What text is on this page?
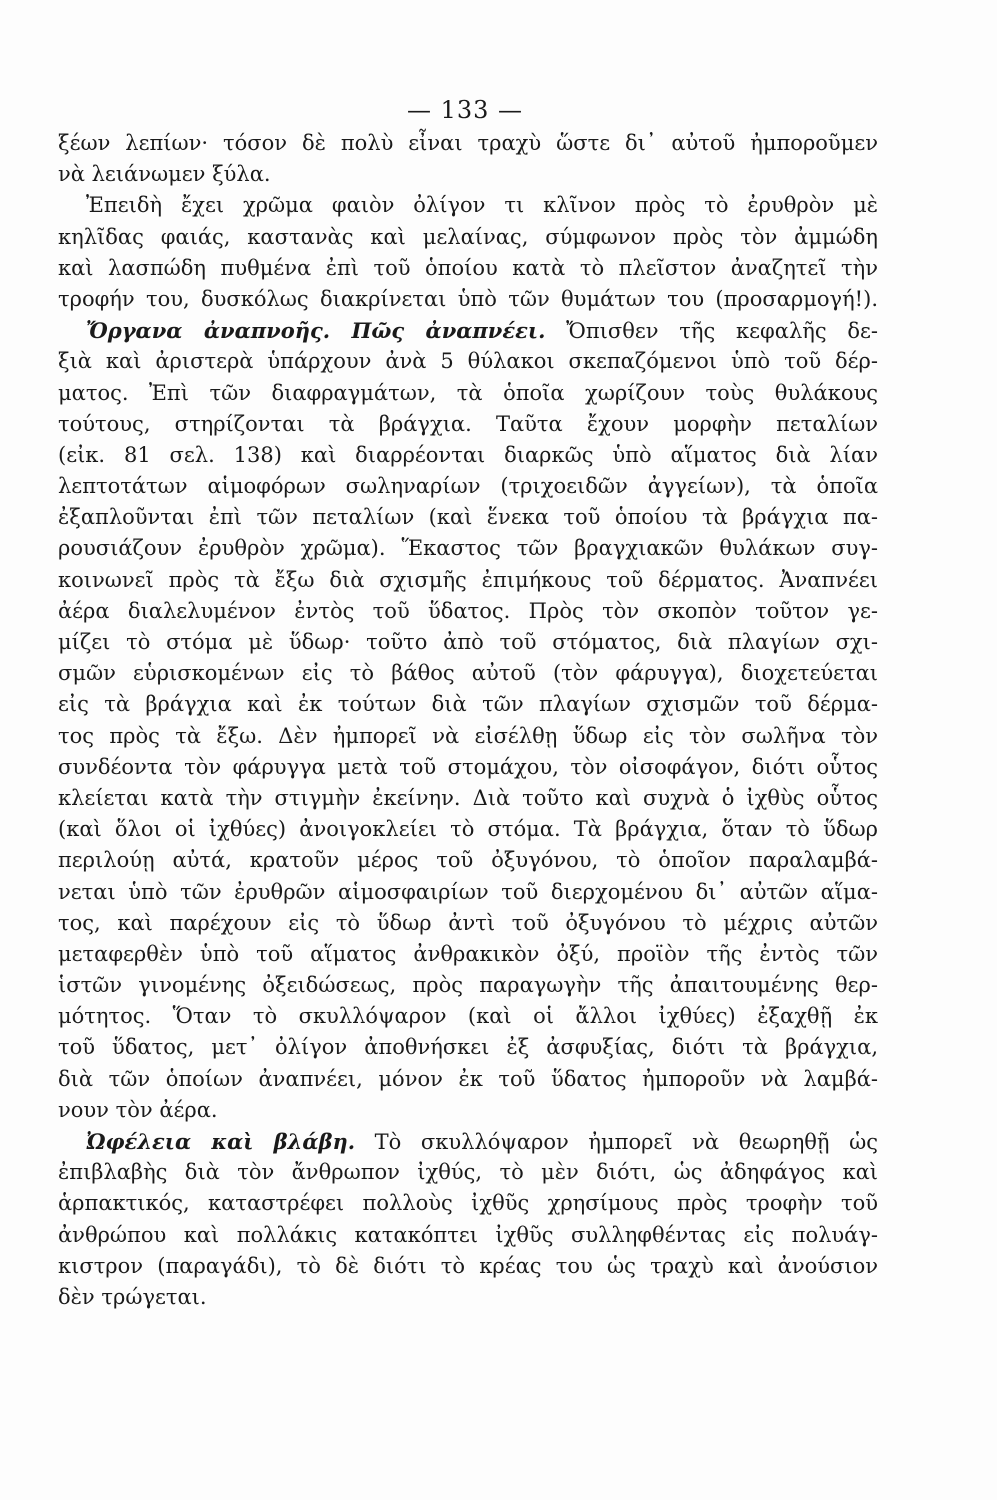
— 133 —
ξέων λεπίων· τόσον δὲ πολὺ εἶναι τραχὺ ὥστε δι᾽ αὐτοῦ ἠμποροῦμεν
νὰ λειάνωμεν ξύλα.
Ἐπειδὴ ἔχει χρῶμα φαιὸν ὀλίγον τι κλῖνον πρὸς τὸ ἐρυθρὸν μὲ
κηλῖδας φαιάς, καστανὰς καὶ μελαίνας, σύμφωνον πρὸς τὸν ἀμμώδη
καὶ λασπώδη πυθμένα ἐπὶ τοῦ ὁποίου κατὰ τὸ πλεῖστον ἀναζητεῖ τὴν
τροφήν του, δυσκόλως διακρίνεται ὑπὸ τῶν θυμάτων του (προσαρμογή!).
Ὄργανα ἀναπνοῆς. Πῶς ἀναπνέει. Ὄπισθεν τῆς κεφαλῆς δε-
ξιὰ καὶ ἀριστερὰ ὑπάρχουν ἀνὰ 5 θύλακοι σκεπαζόμενοι ὑπὸ τοῦ δέρ-
ματος. Ἐπὶ τῶν διαφραγμάτων, τὰ ὁποῖα χωρίζουν τοὺς θυλάκους
τούτους, στηρίζονται τὰ βράγχια. Ταῦτα ἔχουν μορφὴν πεταλίων
(εἰκ. 81 σελ. 138) καὶ διαρρέονται διαρκῶς ὑπὸ αἵματος διὰ λίαν
λεπτοτάτων αἱμοφόρων σωληναρίων (τριχοειδῶν ἀγγείων), τὰ ὁποῖα
ἐξαπλοῦνται ἐπὶ τῶν πεταλίων (καὶ ἕνεκα τοῦ ὁποίου τὰ βράγχια πα-
ρουσιάζουν ἐρυθρὸν χρῶμα). Ἕκαστος τῶν βραγχιακῶν θυλάκων συγ-
κοινωνεῖ πρὸς τὰ ἔξω διὰ σχισμῆς ἐπιμήκους τοῦ δέρματος. Ἀναπνέει
ἀέρα διαλελυμένον ἐντὸς τοῦ ὕδατος. Πρὸς τὸν σκοπὸν τοῦτον γε-
μίζει τὸ στόμα μὲ ὕδωρ· τοῦτο ἀπὸ τοῦ στόματος, διὰ πλαγίων σχι-
σμῶν εὑρισκομένων εἰς τὸ βάθος αὐτοῦ (τὸν φάρυγγα), διοχετεύεται
εἰς τὰ βράγχια καὶ ἐκ τούτων διὰ τῶν πλαγίων σχισμῶν τοῦ δέρμα-
τος πρὸς τὰ ἔξω. Δὲν ἠμπορεῖ νὰ εἰσέλθῃ ὕδωρ εἰς τὸν σωλῆνα τὸν
συνδέοντα τὸν φάρυγγα μετὰ τοῦ στομάχου, τὸν οἰσοφάγον, διότι οὗτος
κλείεται κατὰ τὴν στιγμὴν ἐκείνην. Διὰ τοῦτο καὶ συχνὰ ὁ ἰχθὺς οὗτος
(καὶ ὅλοι οἱ ἰχθύες) ἀνοιγοκλείει τὸ στόμα. Τὰ βράγχια, ὅταν τὸ ὕδωρ
περιλούῃ αὐτά, κρατοῦν μέρος τοῦ ὀξυγόνου, τὸ ὁποῖον παραλαμβά-
νεται ὑπὸ τῶν ἐρυθρῶν αἱμοσφαιρίων τοῦ διερχομένου δι᾽ αὐτῶν αἵμα-
τος, καὶ παρέχουν εἰς τὸ ὕδωρ ἀντὶ τοῦ ὀξυγόνου τὸ μέχρις αὐτῶν
μεταφερθὲν ὑπὸ τοῦ αἵματος ἀνθρακικὸν ὀξύ, προϊὸν τῆς ἐντὸς τῶν
ἱστῶν γινομένης ὀξειδώσεως, πρὸς παραγωγὴν τῆς ἀπαιτουμένης θερ-
μότητος. Ὅταν τὸ σκυλλόψαρον (καὶ οἱ ἄλλοι ἰχθύες) ἐξαχθῇ ἐκ
τοῦ ὕδατος, μετ᾽ ὀλίγον ἀποθνήσκει ἐξ ἀσφυξίας, διότι τὰ βράγχια,
διὰ τῶν ὁποίων ἀναπνέει, μόνον ἐκ τοῦ ὕδατος ἠμποροῦν νὰ λαμβά-
νουν τὸν ἀέρα.
Ὠφέλεια καὶ βλάβη. Τὸ σκυλλόψαρον ἠμπορεῖ νὰ θεωρηθῇ ὡς
ἐπιβλαβὴς διὰ τὸν ἄνθρωπον ἰχθύς, τὸ μὲν διότι, ὡς ἀδηφάγος καὶ
ἁρπακτικός, καταστρέφει πολλοὺς ἰχθῦς χρησίμους πρὸς τροφὴν τοῦ
ἀνθρώπου καὶ πολλάκις κατακόπτει ἰχθῦς συλληφθέντας εἰς πολυάγ-
κιστρον (παραγάδι), τὸ δὲ διότι τὸ κρέας του ὡς τραχὺ καὶ ἀνούσιον
δὲν τρώγεται.
